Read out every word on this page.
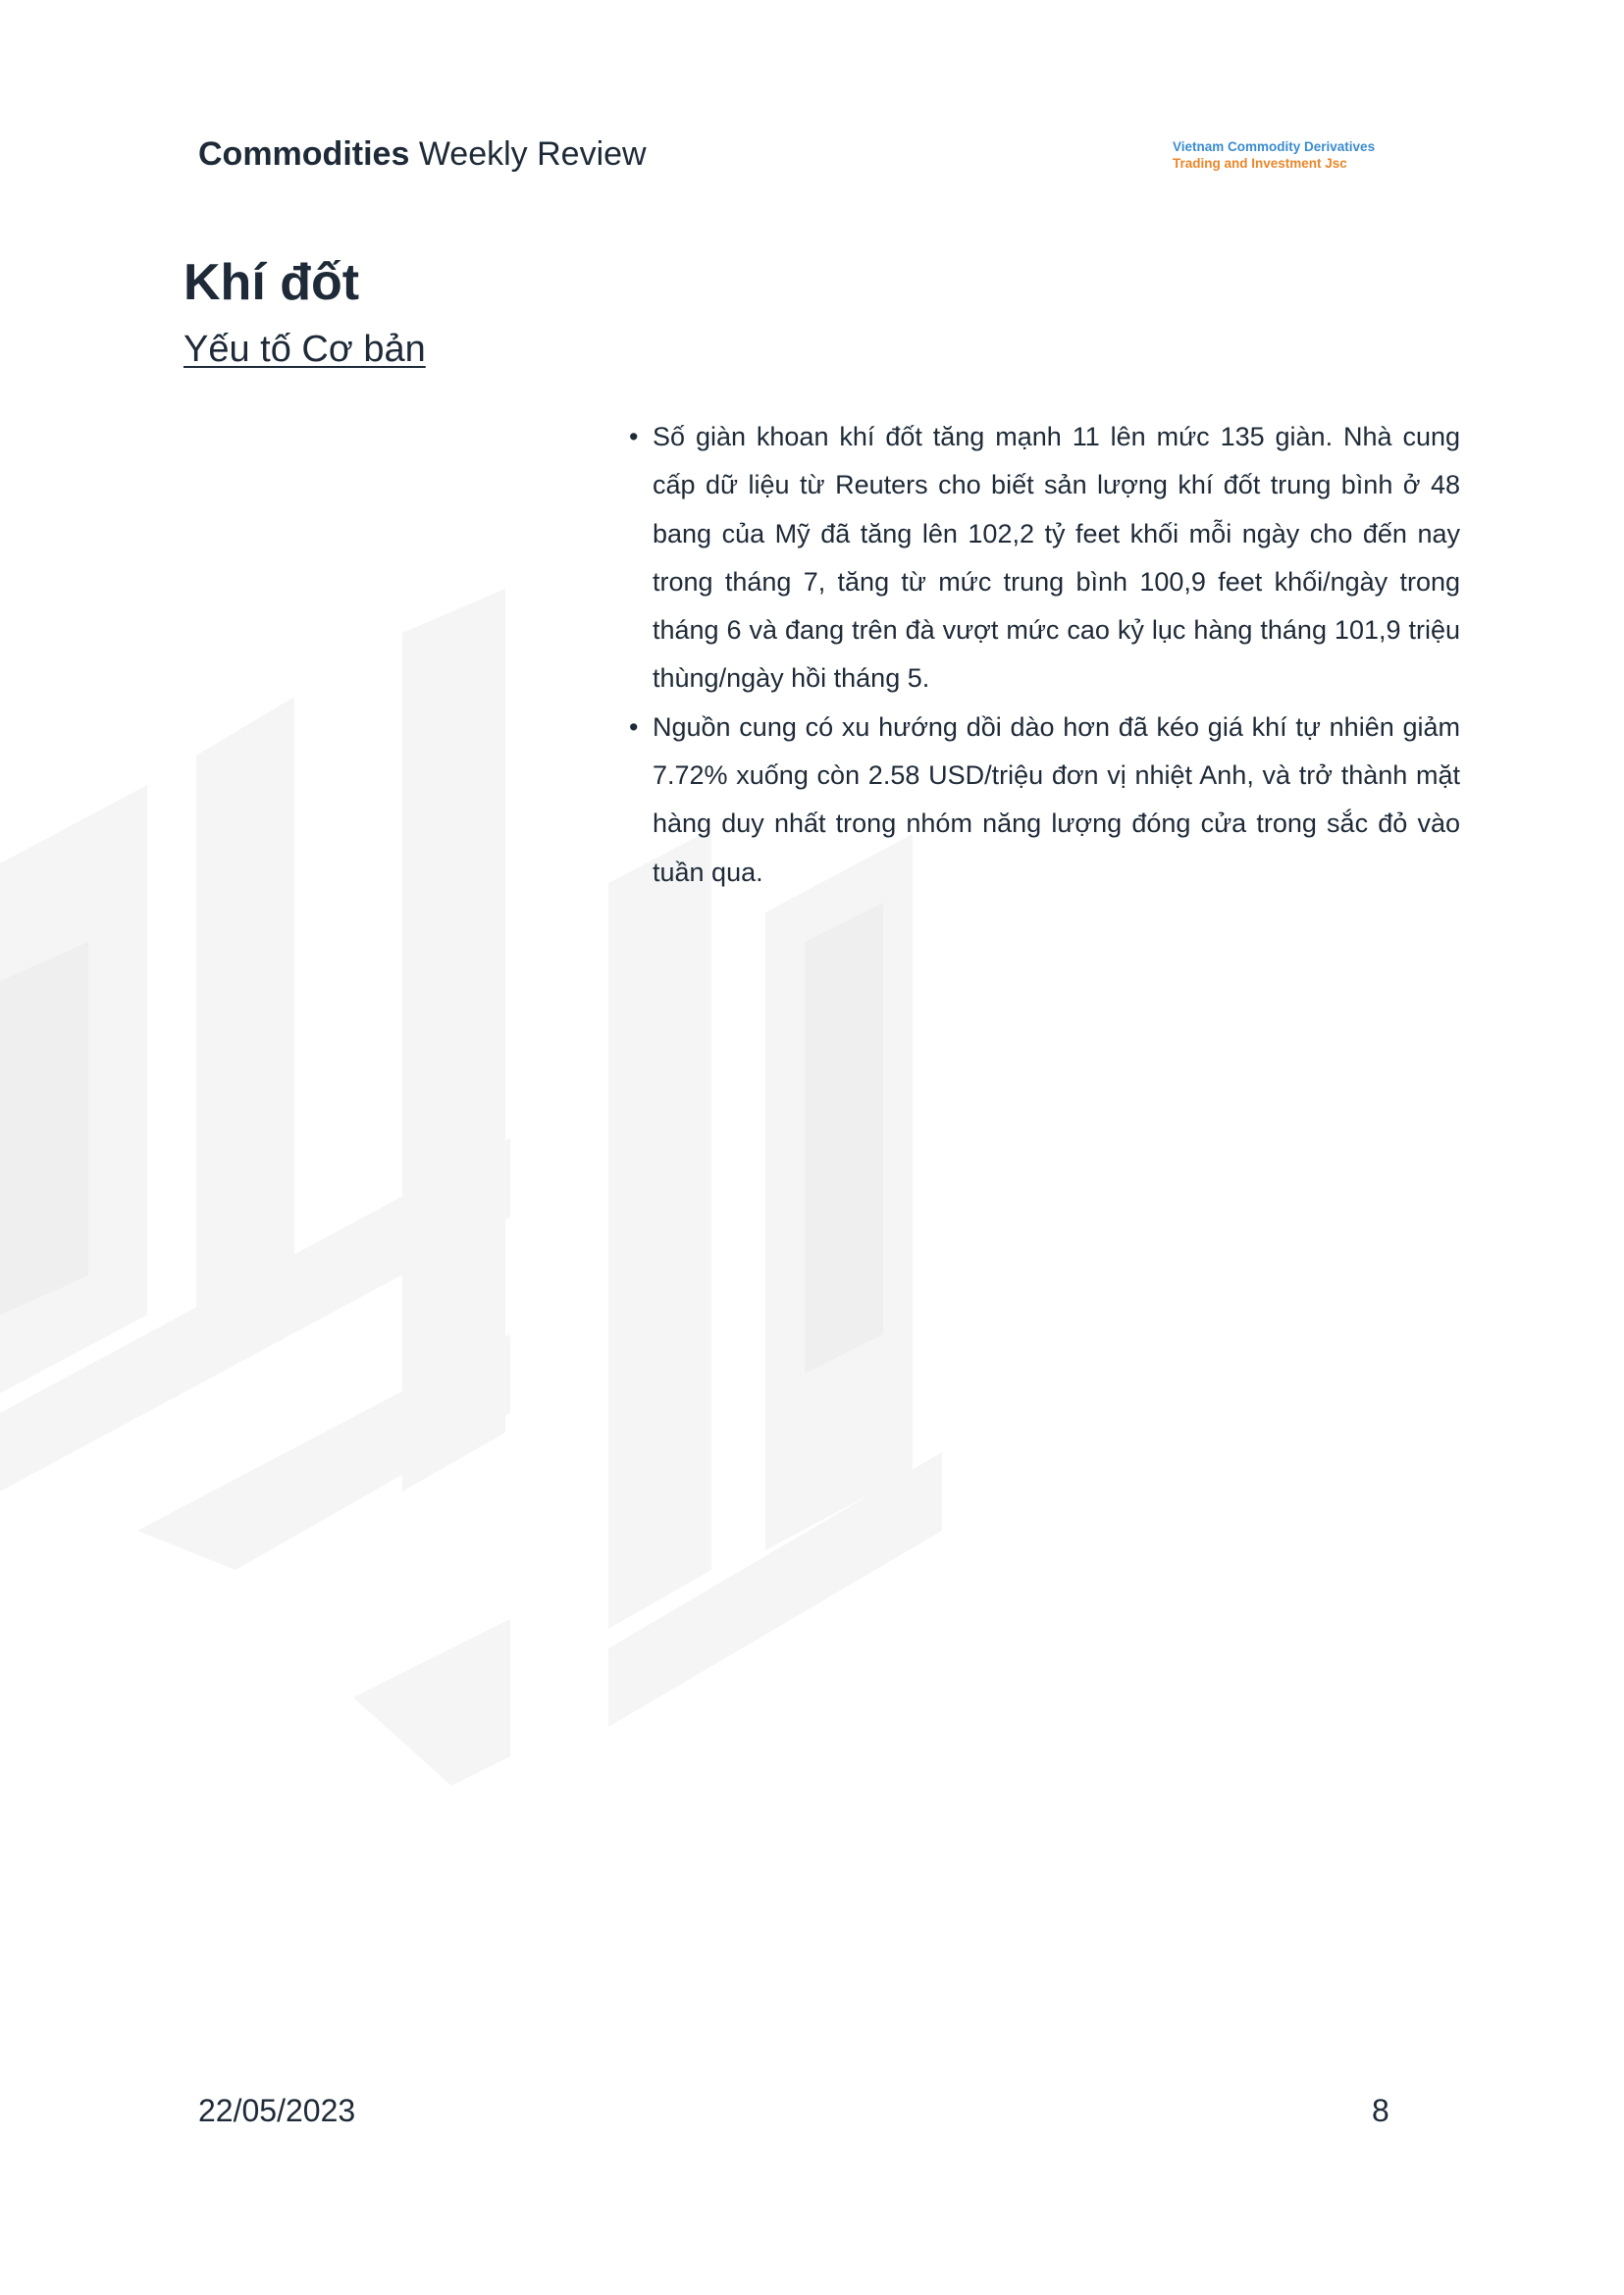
Commodities Weekly Review	Vietnam Commodity Derivatives
Trading and Investment Jsc
Khí đốt
Yếu tố Cơ bản
• Số giàn khoan khí đốt tăng mạnh 11 lên mức 135 giàn. Nhà cung cấp dữ liệu từ Reuters cho biết sản lượng khí đốt trung bình ở 48 bang của Mỹ đã tăng lên 102,2 tỷ feet khối mỗi ngày cho đến nay trong tháng 7, tăng từ mức trung bình 100,9 feet khối/ngày trong tháng 6 và đang trên đà vượt mức cao kỷ lục hàng tháng 101,9 triệu thùng/ngày hồi tháng 5.
• Nguồn cung có xu hướng dồi dào hơn đã kéo giá khí tự nhiên giảm 7.72% xuống còn 2.58 USD/triệu đơn vị nhiệt Anh, và trở thành mặt hàng duy nhất trong nhóm năng lượng đóng cửa trong sắc đỏ vào tuần qua.
22/05/2023	8
